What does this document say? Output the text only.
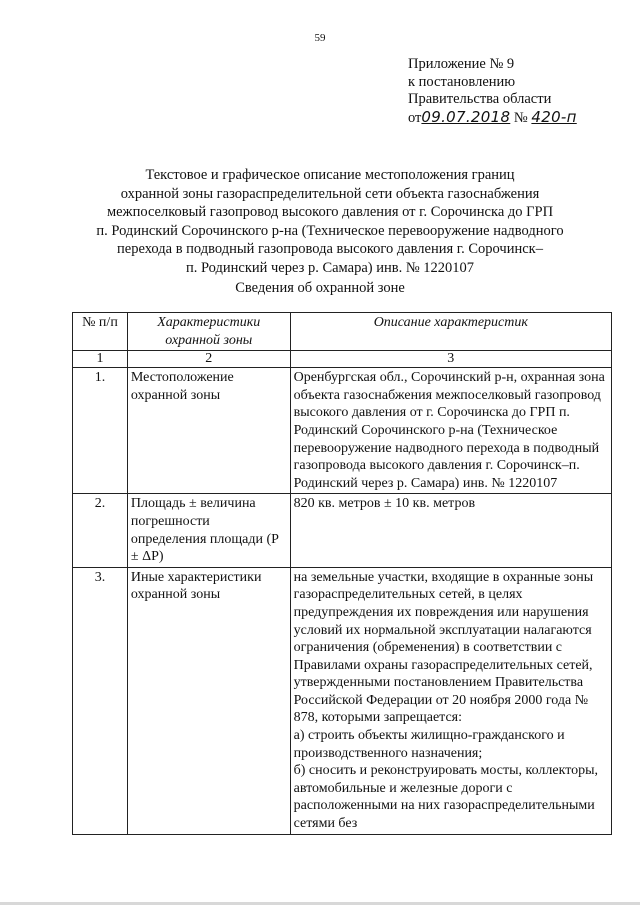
59
Приложение № 9
к постановлению
Правительства области
от09.07.2018 № 420-п
Текстовое и графическое описание местоположения границ
охранной зоны газораспределительной сети объекта газоснабжения
межпоселковый газопровод высокого давления от г. Сорочинска до ГРП
п. Родинский Сорочинского р-на (Техническое перевооружение надводного
перехода в подводный газопровода высокого давления г. Сорочинск–
п. Родинский через р. Самара) инв. № 1220107
Сведения об охранной зоне
№ п/п	Характеристики охранной зоны	Описание характеристик
1	2	3
1.	Местоположение охранной зоны	Оренбургская обл., Сорочинский р-н, охранная зона объекта газоснабжения межпоселковый газопровод высокого давления от г. Сорочинска до ГРП п. Родинский Сорочинского р-на (Техническое перевооружение надводного перехода в подводный газопровода высокого давления г. Сорочинск–п. Родинский через р. Самара) инв. № 1220107
2.	Площадь ± величина погрешности определения площади (P ± ΔP)	820 кв. метров ± 10 кв. метров
3.	Иные характеристики охранной зоны	на земельные участки, входящие в охранные зоны газораспределительных сетей, в целях предупреждения их повреждения или нарушения условий их нормальной эксплуатации налагаются ограничения (обременения) в соответствии с Правилами охраны газораспределительных сетей, утвержденными постановлением Правительства Российской Федерации от 20 ноября 2000 года № 878, которыми запрещается:
а) строить объекты жилищно-гражданского и производственного назначения;
б) сносить и реконструировать мосты, коллекторы, автомобильные и железные дороги с расположенными на них газораспределительными сетями без
